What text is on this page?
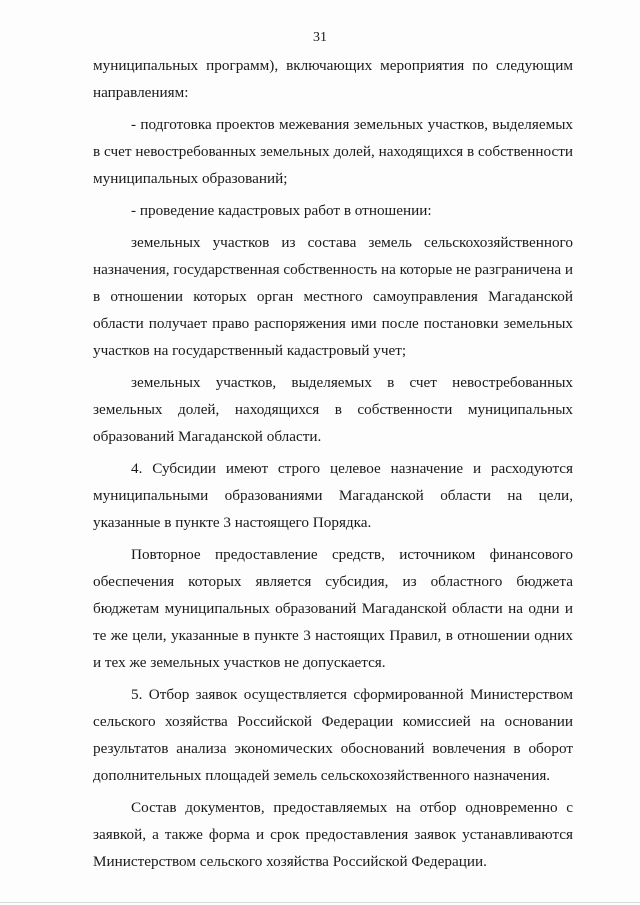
31

муниципальных программ), включающих мероприятия по следующим направлениям:

- подготовка проектов межевания земельных участков, выделяемых в счет невостребованных земельных долей, находящихся в собственности муниципальных образований;

- проведение кадастровых работ в отношении:

земельных участков из состава земель сельскохозяйственного назначения, государственная собственность на которые не разграничена и в отношении которых орган местного самоуправления Магаданской области получает право распоряжения ими после постановки земельных участков на государственный кадастровый учет;

земельных участков, выделяемых в счет невостребованных земельных долей, находящихся в собственности муниципальных образований Магаданской области.

4. Субсидии имеют строго целевое назначение и расходуются муниципальными образованиями Магаданской области на цели, указанные в пункте 3 настоящего Порядка.

Повторное предоставление средств, источником финансового обеспечения которых является субсидия, из областного бюджета бюджетам муниципальных образований Магаданской области на одни и те же цели, указанные в пункте 3 настоящих Правил, в отношении одних и тех же земельных участков не допускается.

5. Отбор заявок осуществляется сформированной Министерством сельского хозяйства Российской Федерации комиссией на основании результатов анализа экономических обоснований вовлечения в оборот дополнительных площадей земель сельскохозяйственного назначения.

Состав документов, предоставляемых на отбор одновременно с заявкой, а также форма и срок предоставления заявок устанавливаются Министерством сельского хозяйства Российской Федерации.
